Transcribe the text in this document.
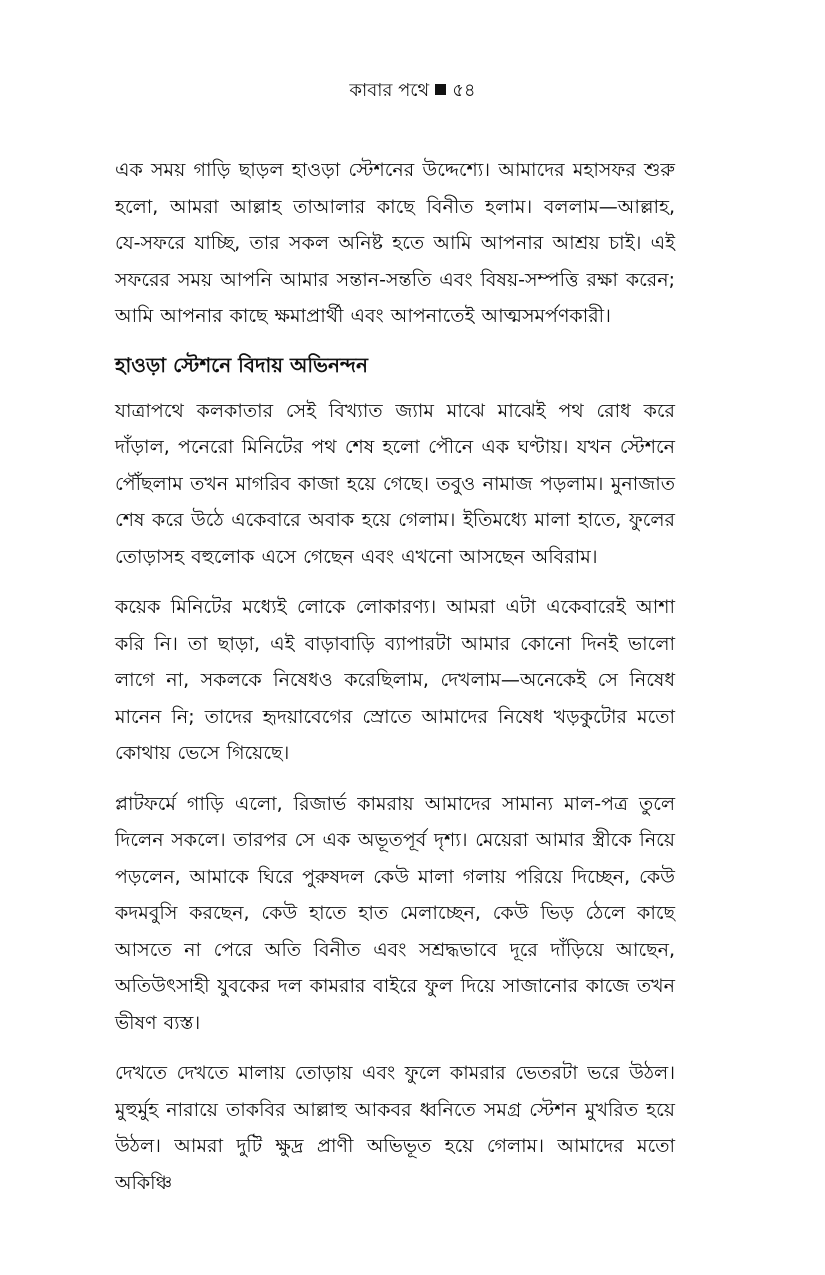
কাবার পথে ৫৪

এক সময় গাড়ি ছাড়ল হাওড়া স্টেশনের উদ্দেশ্যে। আমাদের মহাসফর শুরু হলো, আমরা আল্লাহ তাআলার কাছে বিনীত হলাম। বললাম—আল্লাহ, যে-সফরে যাচ্ছি, তার সকল অনিষ্ট হতে আমি আপনার আশ্রয় চাই। এই সফরের সময় আপনি আমার সন্তান-সন্ততি এবং বিষয়-সম্পত্তি রক্ষা করেন; আমি আপনার কাছে ক্ষমাপ্রার্থী এবং আপনাতেই আত্মসমর্পণকারী।

হাওড়া স্টেশনে বিদায় অভিনন্দন

যাত্রাপথে কলকাতার সেই বিখ্যাত জ্যাম মাঝে মাঝেই পথ রোধ করে দাঁড়াল, পনেরো মিনিটের পথ শেষ হলো পৌনে এক ঘণ্টায়। যখন স্টেশনে পৌঁছলাম তখন মাগরিব কাজা হয়ে গেছে। তবুও নামাজ পড়লাম। মুনাজাত শেষ করে উঠে একেবারে অবাক হয়ে গেলাম। ইতিমধ্যে মালা হাতে, ফুলের তোড়াসহ বহুলোক এসে গেছেন এবং এখনো আসছেন অবিরাম।

কয়েক মিনিটের মধ্যেই লোকে লোকারণ্য। আমরা এটা একেবারেই আশা করি নি। তা ছাড়া, এই বাড়াবাড়ি ব্যাপারটা আমার কোনো দিনই ভালো লাগে না, সকলকে নিষেধও করেছিলাম, দেখলাম—অনেকেই সে নিষেধ মানেন নি; তাদের হৃদয়াবেগের স্রোতে আমাদের নিষেধ খড়কুটোর মতো কোথায় ভেসে গিয়েছে।

প্লাটফর্মে গাড়ি এলো, রিজার্ভ কামরায় আমাদের সামান্য মাল-পত্র তুলে দিলেন সকলে। তারপর সে এক অভূতপূর্ব দৃশ্য। মেয়েরা আমার স্ত্রীকে নিয়ে পড়লেন, আমাকে ঘিরে পুরুষদল কেউ মালা গলায় পরিয়ে দিচ্ছেন, কেউ কদমবুসি করছেন, কেউ হাতে হাত মেলাচ্ছেন, কেউ ভিড় ঠেলে কাছে আসতে না পেরে অতি বিনীত এবং সশ্রদ্ধভাবে দূরে দাঁড়িয়ে আছেন, অতিউৎসাহী যুবকের দল কামরার বাইরে ফুল দিয়ে সাজানোর কাজে তখন ভীষণ ব্যস্ত।

দেখতে দেখতে মালায় তোড়ায় এবং ফুলে কামরার ভেতরটা ভরে উঠল। মুহুর্মুহ নারায়ে তাকবির আল্লাহু আকবর ধ্বনিতে সমগ্র স্টেশন মুখরিত হয়ে উঠল। আমরা দুটি ক্ষুদ্র প্রাণী অভিভূত হয়ে গেলাম। আমাদের মতো অকিঞ্চি
